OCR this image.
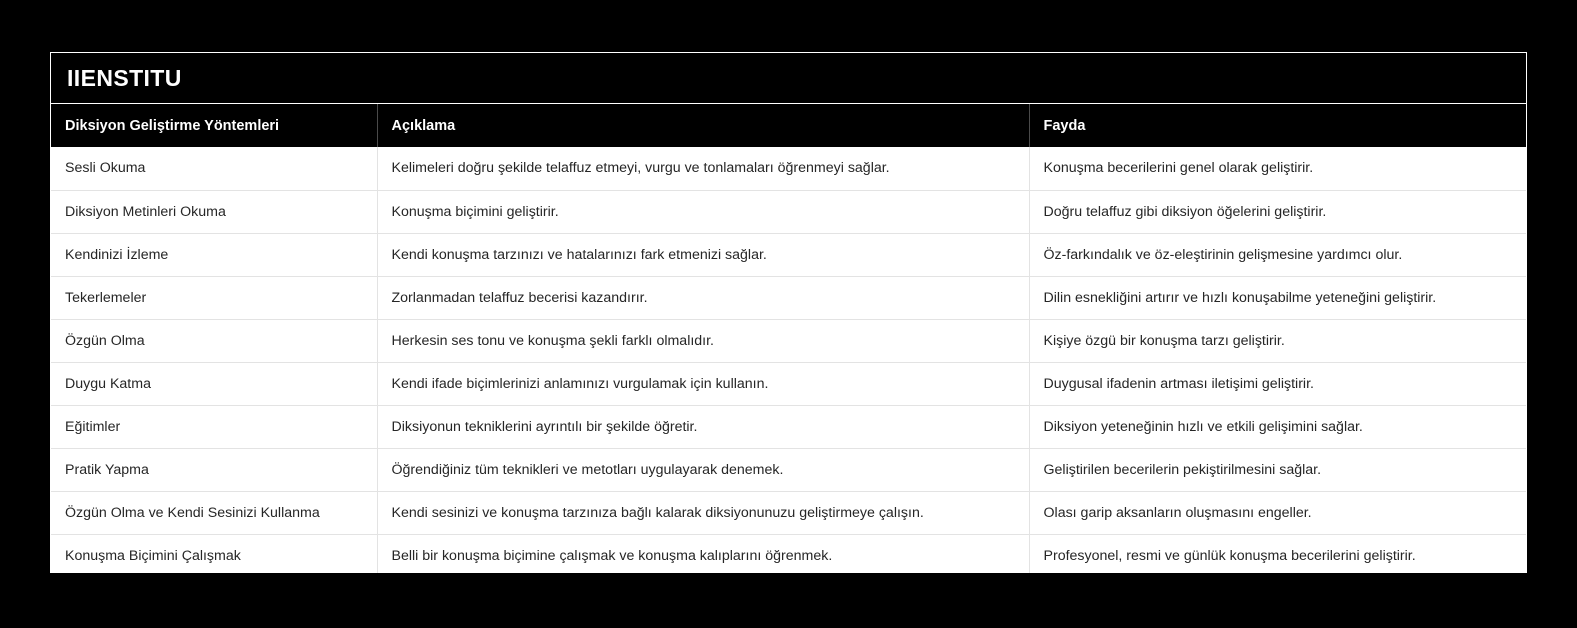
IIENSTITU
Diksiyon Geliştirme Yöntemleri	Açıklama	Fayda
Sesli Okuma	Kelimeleri doğru şekilde telaffuz etmeyi, vurgu ve tonlamaları öğrenmeyi sağlar.	Konuşma becerilerini genel olarak geliştirir.
Diksiyon Metinleri Okuma	Konuşma biçimini geliştirir.	Doğru telaffuz gibi diksiyon öğelerini geliştirir.
Kendinizi İzleme	Kendi konuşma tarzınızı ve hatalarınızı fark etmenizi sağlar.	Öz-farkındalık ve öz-eleştirinin gelişmesine yardımcı olur.
Tekerlemeler	Zorlanmadan telaffuz becerisi kazandırır.	Dilin esnekliğini artırır ve hızlı konuşabilme yeteneğini geliştirir.
Özgün Olma	Herkesin ses tonu ve konuşma şekli farklı olmalıdır.	Kişiye özgü bir konuşma tarzı geliştirir.
Duygu Katma	Kendi ifade biçimlerinizi anlamınızı vurgulamak için kullanın.	Duygusal ifadenin artması iletişimi geliştirir.
Eğitimler	Diksiyonun tekniklerini ayrıntılı bir şekilde öğretir.	Diksiyon yeteneğinin hızlı ve etkili gelişimini sağlar.
Pratik Yapma	Öğrendiğiniz tüm teknikleri ve metotları uygulayarak denemek.	Geliştirilen becerilerin pekiştirilmesini sağlar.
Özgün Olma ve Kendi Sesinizi Kullanma	Kendi sesinizi ve konuşma tarzınıza bağlı kalarak diksiyonunuzu geliştirmeye çalışın.	Olası garip aksanların oluşmasını engeller.
Konuşma Biçimini Çalışmak	Belli bir konuşma biçimine çalışmak ve konuşma kalıplarını öğrenmek.	Profesyonel, resmi ve günlük konuşma becerilerini geliştirir.
